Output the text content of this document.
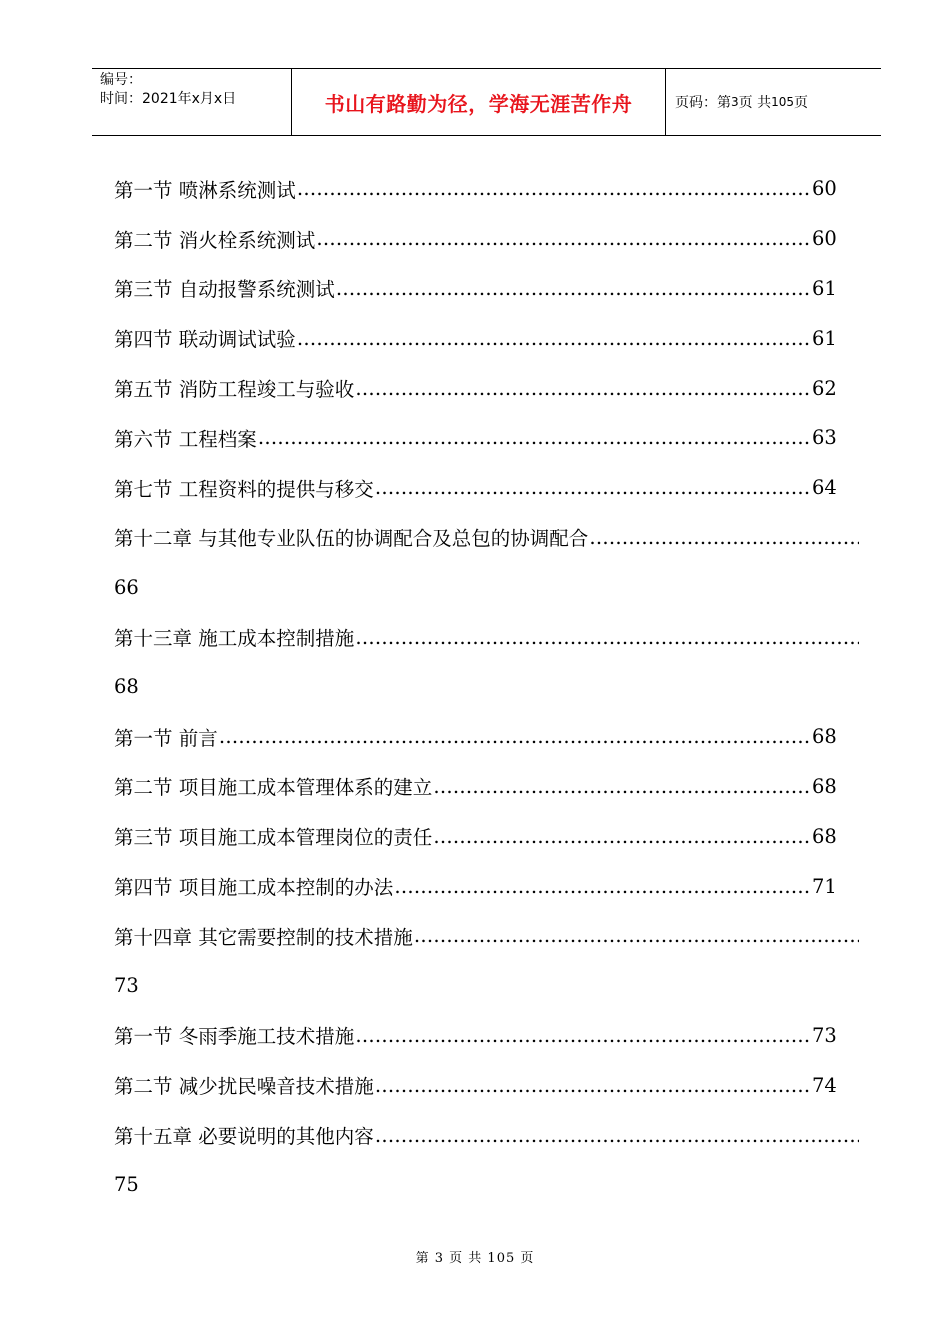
编号：
时间：2021年x月x日	书山有路勤为径，学海无涯苦作舟	页码：第 3 页 共 105 页
第一节 喷淋系统测试 …………………………………………………………………………………………………………………………………………………………	60
第二节 消火栓系统测试 …………………………………………………………………………………………………………………………………………………………	60
第三节 自动报警系统测试 …………………………………………………………………………………………………………………………………………………………	61
第四节 联动调试试验 …………………………………………………………………………………………………………………………………………………………	61
第五节 消防工程竣工与验收 …………………………………………………………………………………………………………………………………………………………	62
第六节 工程档案 …………………………………………………………………………………………………………………………………………………………	63
第七节 工程资料的提供与移交 …………………………………………………………………………………………………………………………………………………………	64
第十二章 与其他专业队伍的协调配合及总包的协调配合
…………………………………………………………………………………………………………………………………………………………
66
第十三章 施工成本控制措施
…………………………………………………………………………………………………………………………………………………………
68
第一节 前言 …………………………………………………………………………………………………………………………………………………………	68
第二节 项目施工成本管理体系的建立 …………………………………………………………………………………………………………………………………………………………	68
第三节 项目施工成本管理岗位的责任 …………………………………………………………………………………………………………………………………………………………	68
第四节 项目施工成本控制的办法 …………………………………………………………………………………………………………………………………………………………	71
第十四章 其它需要控制的技术措施
…………………………………………………………………………………………………………………………………………………………
73
第一节 冬雨季施工技术措施 …………………………………………………………………………………………………………………………………………………………	73
第二节 减少扰民噪音技术措施 …………………………………………………………………………………………………………………………………………………………	74
第十五章 必要说明的其他内容
…………………………………………………………………………………………………………………………………………………………
75
第 3 页 共 105 页
